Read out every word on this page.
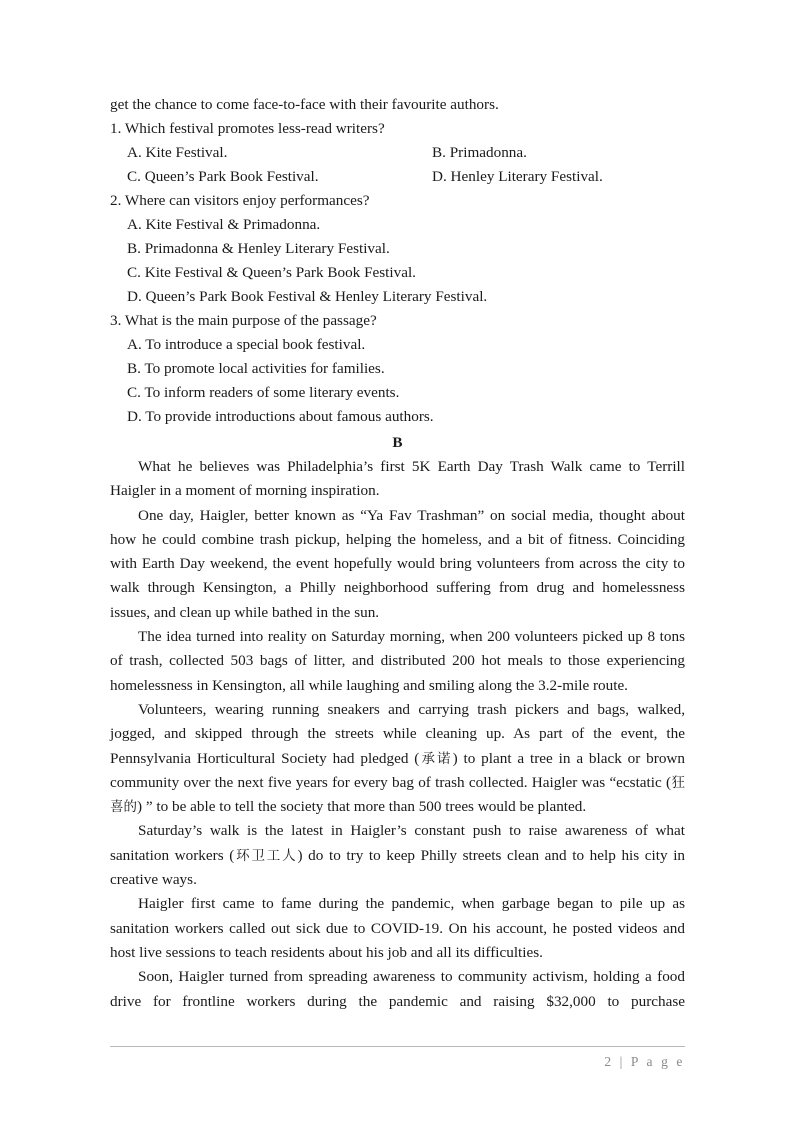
get the chance to come face-to-face with their favourite authors.
1. Which festival promotes less-read writers?
A. Kite Festival.	B. Primadonna.
C. Queen’s Park Book Festival.	D. Henley Literary Festival.
2. Where can visitors enjoy performances?
A. Kite Festival & Primadonna.
B. Primadonna & Henley Literary Festival.
C. Kite Festival & Queen’s Park Book Festival.
D. Queen’s Park Book Festival & Henley Literary Festival.
3. What is the main purpose of the passage?
A. To introduce a special book festival.
B. To promote local activities for families.
C. To inform readers of some literary events.
D. To provide introductions about famous authors.
B

What he believes was Philadelphia’s first 5K Earth Day Trash Walk came to Terrill Haigler in a moment of morning inspiration.

One day, Haigler, better known as “Ya Fav Trashman” on social media, thought about how he could combine trash pickup, helping the homeless, and a bit of fitness. Coinciding with Earth Day weekend, the event hopefully would bring volunteers from across the city to walk through Kensington, a Philly neighborhood suffering from drug and homelessness issues, and clean up while bathed in the sun.

The idea turned into reality on Saturday morning, when 200 volunteers picked up 8 tons of trash, collected 503 bags of litter, and distributed 200 hot meals to those experiencing homelessness in Kensington, all while laughing and smiling along the 3.2-mile route.

Volunteers, wearing running sneakers and carrying trash pickers and bags, walked, jogged, and skipped through the streets while cleaning up. As part of the event, the Pennsylvania Horticultural Society had pledged (承诺) to plant a tree in a black or brown community over the next five years for every bag of trash collected. Haigler was “ecstatic (狂喜的) ” to be able to tell the society that more than 500 trees would be planted.

Saturday’s walk is the latest in Haigler’s constant push to raise awareness of what sanitation workers (环卫工人) do to try to keep Philly streets clean and to help his city in creative ways.

Haigler first came to fame during the pandemic, when garbage began to pile up as sanitation workers called out sick due to COVID-19. On his account, he posted videos and host live sessions to teach residents about his job and all its difficulties.

Soon, Haigler turned from spreading awareness to community activism, holding a food drive for frontline workers during the pandemic and raising $32,000 to purchase

2 | P a g e
